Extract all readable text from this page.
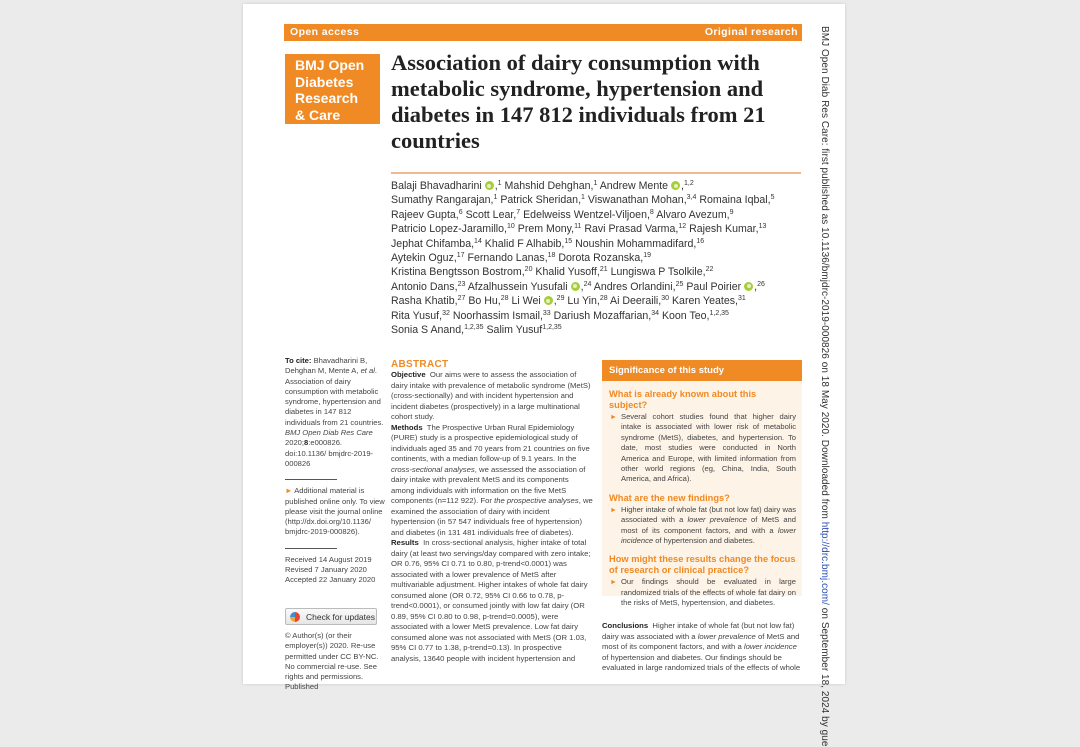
Open access	Original research
BMJ Open
Diabetes
Research
& Care
Association of dairy consumption with metabolic syndrome, hypertension and diabetes in 147 812 individuals from 21 countries
Balaji Bhavadharini ,$^1$ Mahshid Dehghan,$^1$ Andrew Mente ,$^{1,2}$
Sumathy Rangarajan,$^1$ Patrick Sheridan,$^1$ Viswanathan Mohan,$^{3,4}$ Romaina Iqbal,$^5$
Rajeev Gupta,$^6$ Scott Lear,$^7$ Edelweiss Wentzel-Viljoen,$^8$ Alvaro Avezum,$^9$
Patricio Lopez-Jaramillo,$^{10}$ Prem Mony,$^{11}$ Ravi Prasad Varma,$^{12}$ Rajesh Kumar,$^{13}$
Jephat Chifamba,$^{14}$ Khalid F Alhabib,$^{15}$ Noushin Mohammadifard,$^{16}$
Aytekin Oguz,$^{17}$ Fernando Lanas,$^{18}$ Dorota Rozanska,$^{19}$
Kristina Bengtsson Bostrom,$^{20}$ Khalid Yusoff,$^{21}$ Lungiswa P Tsolkile,$^{22}$
Antonio Dans,$^{23}$ Afzalhussein Yusufali ,$^{24}$ Andres Orlandini,$^{25}$ Paul Poirier ,$^{26}$
Rasha Khatib,$^{27}$ Bo Hu,$^{28}$ Li Wei ,$^{29}$ Lu Yin,$^{28}$ Ai Deeraili,$^{30}$ Karen Yeates,$^{31}$
Rita Yusuf,$^{32}$ Noorhassim Ismail,$^{33}$ Dariush Mozaffarian,$^{34}$ Koon Teo,$^{1,2,35}$
Sonia S Anand,$^{1,2,35}$ Salim Yusuf$^{1,2,35}$
To cite: Bhavadharini B, Dehghan M, Mente A, et al. Association of dairy consumption with metabolic syndrome, hypertension and diabetes in 147 812 individuals from 21 countries. BMJ Open Diab Res Care 2020;8:e000826. doi:10.1136/ bmjdrc-2019-000826
► Additional material is published online only. To view please visit the journal online (http://dx.doi.org/10.1136/ bmjdrc-2019-000826).
Received 14 August 2019
Revised 7 January 2020
Accepted 22 January 2020
Check for updates
© Author(s) (or their employer(s)) 2020. Re-use permitted under CC BY-NC. No commercial re-use. See rights and permissions. Published
ABSTRACT
Objective Our aims were to assess the association of dairy intake with prevalence of metabolic syndrome (MetS) (cross-sectionally) and with incident hypertension and incident diabetes (prospectively) in a large multinational cohort study.
Methods The Prospective Urban Rural Epidemiology (PURE) study is a prospective epidemiological study of individuals aged 35 and 70 years from 21 countries on five continents, with a median follow-up of 9.1 years. In the cross-sectional analyses, we assessed the association of dairy intake with prevalent MetS and its components among individuals with information on the five MetS components (n=112 922). For the prospective analyses, we examined the association of dairy with incident hypertension (in 57 547 individuals free of hypertension) and diabetes (in 131 481 individuals free of diabetes).
Results In cross-sectional analysis, higher intake of total dairy (at least two servings/day compared with zero intake; OR 0.76, 95% CI 0.71 to 0.80, p-trend<0.0001) was associated with a lower prevalence of MetS after multivariable adjustment. Higher intakes of whole fat dairy consumed alone (OR 0.72, 95% CI 0.66 to 0.78, p-trend<0.0001), or consumed jointly with low fat dairy (OR 0.89, 95% CI 0.80 to 0.98, p-trend=0.0005), were associated with a lower MetS prevalence. Low fat dairy consumed alone was not associated with MetS (OR 1.03, 95% CI 0.77 to 1.38, p-trend=0.13). In prospective analysis, 13640 people with incident hypertension and
Significance of this study
What is already known about this subject?
► Several cohort studies found that higher dairy intake is associated with lower risk of metabolic syndrome (MetS), diabetes, and hypertension. To date, most studies were conducted in North America and Europe, with limited information from other world regions (eg, China, India, South America, and Africa).
What are the new findings?
► Higher intake of whole fat (but not low fat) dairy was associated with a lower prevalence of MetS and most of its component factors, and with a lower incidence of hypertension and diabetes.
How might these results change the focus of research or clinical practice?
► Our findings should be evaluated in large randomized trials of the effects of whole fat dairy on the risks of MetS, hypertension, and diabetes.
Conclusions Higher intake of whole fat (but not low fat) dairy was associated with a lower prevalence of MetS and most of its component factors, and with a lower incidence of hypertension and diabetes. Our findings should be evaluated in large randomized trials of the effects of whole
BMJ Open Diab Res Care: first published as 10.1136/bmjdrc-2019-000826 on 18 May 2020. Downloaded from http://drc.bmj.com/ on September 18, 2024 by gue
